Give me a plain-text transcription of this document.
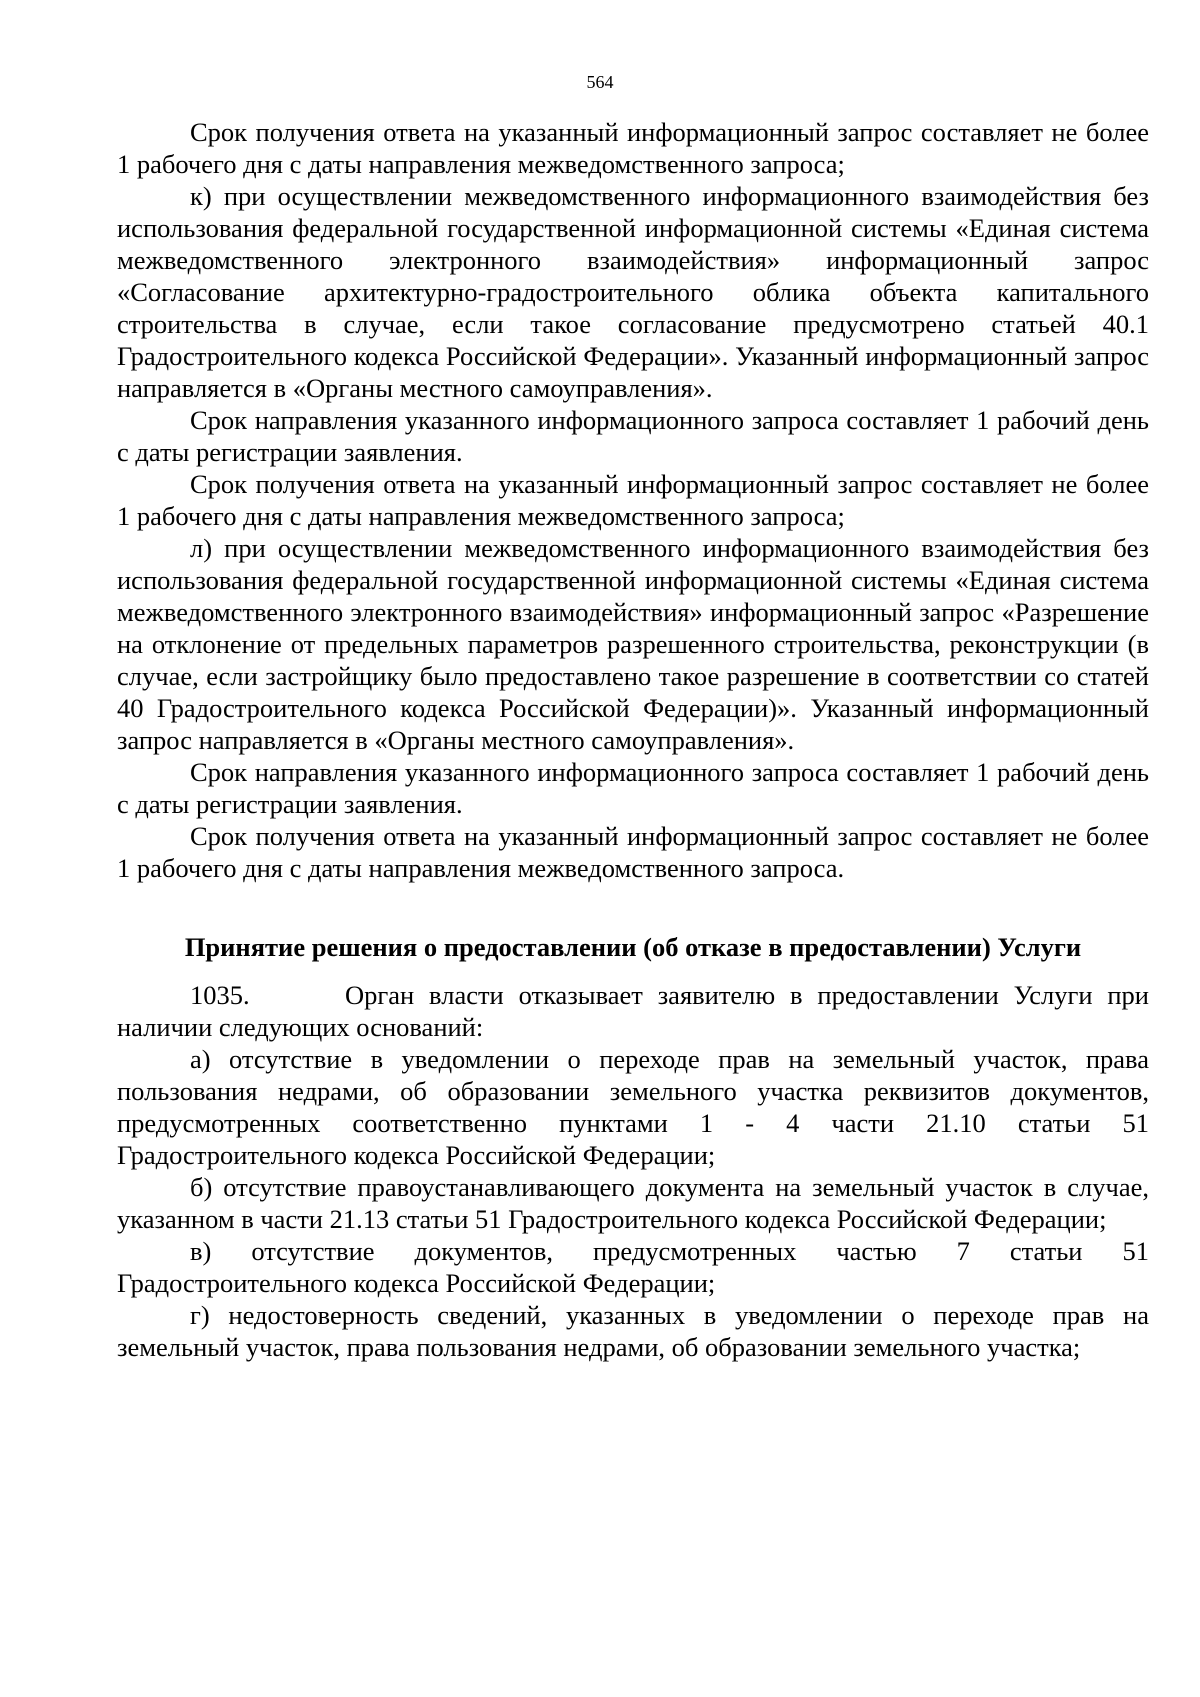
564

Срок получения ответа на указанный информационный запрос составляет не более 1 рабочего дня с даты направления межведомственного запроса;

к) при осуществлении межведомственного информационного взаимодействия без использования федеральной государственной информационной системы «Единая система межведомственного электронного взаимодействия» информационный запрос «Согласование архитектурно-градостроительного облика объекта капитального строительства в случае, если такое согласование предусмотрено статьей 40.1 Градостроительного кодекса Российской Федерации». Указанный информационный запрос направляется в «Органы местного самоуправления».

Срок направления указанного информационного запроса составляет 1 рабочий день с даты регистрации заявления.

Срок получения ответа на указанный информационный запрос составляет не более 1 рабочего дня с даты направления межведомственного запроса;

л) при осуществлении межведомственного информационного взаимодействия без использования федеральной государственной информационной системы «Единая система межведомственного электронного взаимодействия» информационный запрос «Разрешение на отклонение от предельных параметров разрешенного строительства, реконструкции (в случае, если застройщику было предоставлено такое разрешение в соответствии со статей 40 Градостроительного кодекса Российской Федерации)». Указанный информационный запрос направляется в «Органы местного самоуправления».

Срок направления указанного информационного запроса составляет 1 рабочий день с даты регистрации заявления.

Срок получения ответа на указанный информационный запрос составляет не более 1 рабочего дня с даты направления межведомственного запроса.

Принятие решения о предоставлении (об отказе в предоставлении) Услуги

1035.	Орган власти отказывает заявителю в предоставлении Услуги при наличии следующих оснований:

а) отсутствие в уведомлении о переходе прав на земельный участок, права пользования недрами, об образовании земельного участка реквизитов документов, предусмотренных соответственно пунктами 1 - 4 части 21.10 статьи 51 Градостроительного кодекса Российской Федерации;

б) отсутствие правоустанавливающего документа на земельный участок в случае, указанном в части 21.13 статьи 51 Градостроительного кодекса Российской Федерации;

в) отсутствие документов, предусмотренных частью 7 статьи 51 Градостроительного кодекса Российской Федерации;

г) недостоверность сведений, указанных в уведомлении о переходе прав на земельный участок, права пользования недрами, об образовании земельного участка;
